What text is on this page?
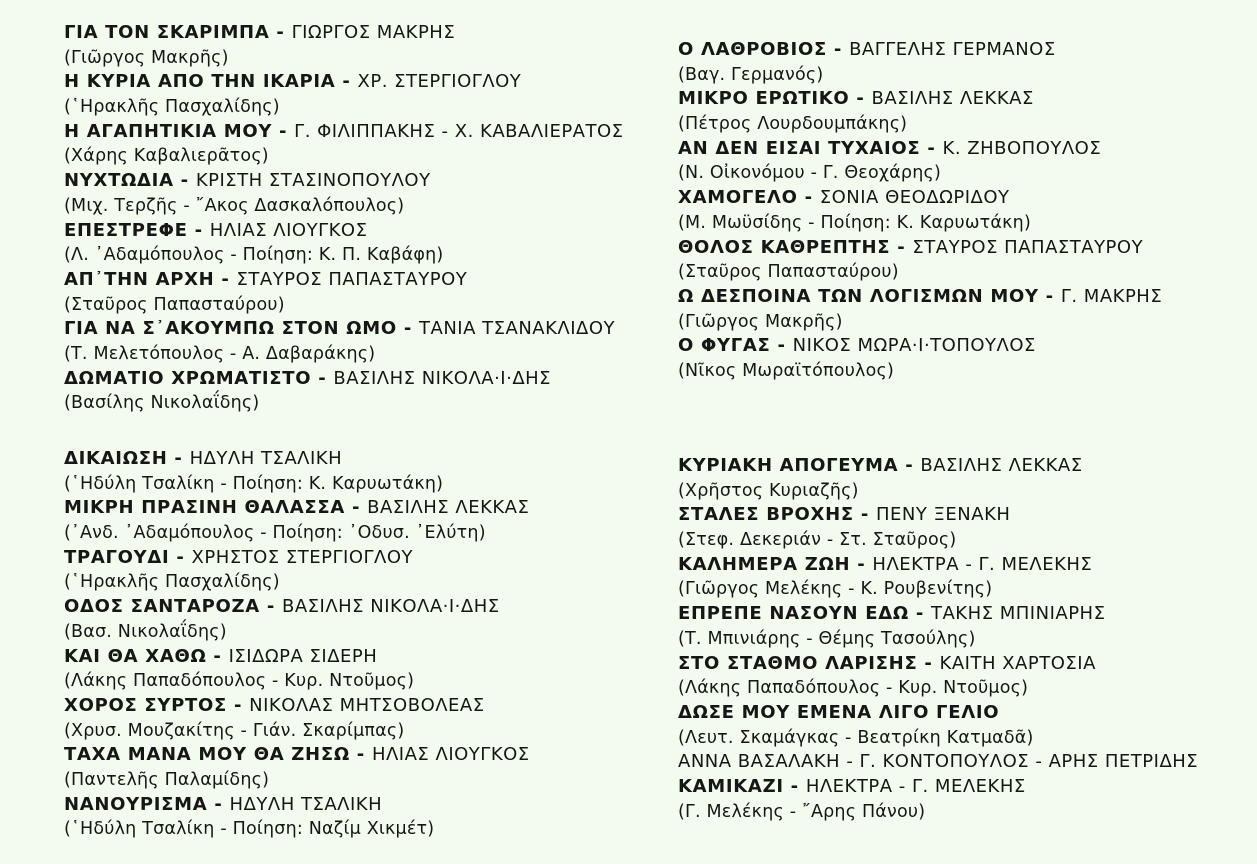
ΓΙΑ ΤΟΝ ΣΚΑΡΙΜΠΑ - ΓΙΩΡΓΟΣ ΜΑΚΡΗΣ
(Γιῶργος Μακρῆς)
Η ΚΥΡΙΑ ΑΠΟ ΤΗΝ ΙΚΑΡΙΑ - ΧΡ. ΣΤΕΡΓΙΟΓΛΟΥ
(῾Ηρακλῆς Πασχαλίδης)
Η ΑΓΑΠΗΤΙΚΙΑ ΜΟΥ - Γ. ΦΙΛΙΠΠΑΚΗΣ - Χ. ΚΑΒΑΛΙΕΡΑΤΟΣ
(Χάρης Καβαλιερᾶτος)
ΝΥΧΤΩΔΙΑ - ΚΡΙΣΤΗ ΣΤΑΣΙΝΟΠΟΥΛΟΥ
(Μιχ. Τερζῆς - ῎Ακος Δασκαλόπουλος)
ΕΠΕΣΤΡΕΦΕ - ΗΛΙΑΣ ΛΙΟΥΓΚΟΣ
(Λ. ᾽Αδαμόπουλος - Ποίηση: Κ. Π. Καβάφη)
ΑΠ᾽ΤΗΝ ΑΡΧΗ - ΣΤΑΥΡΟΣ ΠΑΠΑΣΤΑΥΡΟΥ
(Σταῦρος Παπασταύρου)
ΓΙΑ ΝΑ Σ᾽ΑΚΟΥΜΠΩ ΣΤΟΝ ΩΜΟ - ΤΑΝΙΑ ΤΣΑΝΑΚΛΙΔΟΥ
(Τ. Μελετόπουλος - Α. Δαβαράκης)
ΔΩΜΑΤΙΟ ΧΡΩΜΑΤΙΣΤΟ - ΒΑΣΙΛΗΣ ΝΙΚΟΛΑ·Ι·ΔΗΣ
(Βασίλης Νικολαΐδης)
Ο ΛΑΘΡΟΒΙΟΣ - ΒΑΓΓΕΛΗΣ ΓΕΡΜΑΝΟΣ
(Βαγ. Γερμανός)
ΜΙΚΡΟ ΕΡΩΤΙΚΟ - ΒΑΣΙΛΗΣ ΛΕΚΚΑΣ
(Πέτρος Λουρδουμπάκης)
ΑΝ ΔΕΝ ΕΙΣΑΙ ΤΥΧΑΙΟΣ - Κ. ΖΗΒΟΠΟΥΛΟΣ
(Ν. Οἰκονόμου - Γ. Θεοχάρης)
ΧΑΜΟΓΕΛΟ - ΣΟΝΙΑ ΘΕΟΔΩΡΙΔΟΥ
(Μ. Μωϋσίδης - Ποίηση: Κ. Καρυωτάκη)
ΘΟΛΟΣ ΚΑΘΡΕΠΤΗΣ - ΣΤΑΥΡΟΣ ΠΑΠΑΣΤΑΥΡΟΥ
(Σταῦρος Παπασταύρου)
Ω ΔΕΣΠΟΙΝΑ ΤΩΝ ΛΟΓΙΣΜΩΝ ΜΟΥ - Γ. ΜΑΚΡΗΣ
(Γιῶργος Μακρῆς)
Ο ΦΥΓΑΣ - ΝΙΚΟΣ ΜΩΡΑ·Ι·ΤΟΠΟΥΛΟΣ
(Νῖκος Μωραϊτόπουλος)
ΔΙΚΑΙΩΣΗ - ΗΔΥΛΗ ΤΣΑΛΙΚΗ
(῾Ηδύλη Τσαλίκη - Ποίηση: Κ. Καρυωτάκη)
ΜΙΚΡΗ ΠΡΑΣΙΝΗ ΘΑΛΑΣΣΑ - ΒΑΣΙΛΗΣ ΛΕΚΚΑΣ
(᾽Ανδ. ᾽Αδαμόπουλος - Ποίηση: ᾽Οδυσ. ᾽Ελύτη)
ΤΡΑΓΟΥΔΙ - ΧΡΗΣΤΟΣ ΣΤΕΡΓΙΟΓΛΟΥ
(῾Ηρακλῆς Πασχαλίδης)
ΟΔΟΣ ΣΑΝΤΑΡΟΖΑ - ΒΑΣΙΛΗΣ ΝΙΚΟΛΑ·Ι·ΔΗΣ
(Βασ. Νικολαΐδης)
ΚΑΙ ΘΑ ΧΑΘΩ - ΙΣΙΔΩΡΑ ΣΙΔΕΡΗ
(Λάκης Παπαδόπουλος - Κυρ. Ντοῦμος)
ΧΟΡΟΣ ΣΥΡΤΟΣ - ΝΙΚΟΛΑΣ ΜΗΤΣΟΒΟΛΕΑΣ
(Χρυσ. Μουζακίτης - Γιάν. Σκαρίμπας)
ΤΑΧΑ ΜΑΝΑ ΜΟΥ ΘΑ ΖΗΣΩ - ΗΛΙΑΣ ΛΙΟΥΓΚΟΣ
(Παντελῆς Παλαμίδης)
ΝΑΝΟΥΡΙΣΜΑ - ΗΔΥΛΗ ΤΣΑΛΙΚΗ
(῾Ηδύλη Τσαλίκη - Ποίηση: Ναζίμ Χικμέτ)
ΚΥΡΙΑΚΗ ΑΠΟΓΕΥΜΑ - ΒΑΣΙΛΗΣ ΛΕΚΚΑΣ
(Χρῆστος Κυριαζῆς)
ΣΤΑΛΕΣ ΒΡΟΧΗΣ - ΠΕΝΥ ΞΕΝΑΚΗ
(Στεφ. Δεκεριάν - Στ. Σταῦρος)
ΚΑΛΗΜΕΡΑ ΖΩΗ - ΗΛΕΚΤΡΑ - Γ. ΜΕΛΕΚΗΣ
(Γιῶργος Μελέκης - Κ. Ρουβενίτης)
ΕΠΡΕΠΕ ΝΑΣΟΥΝ ΕΔΩ - ΤΑΚΗΣ ΜΠΙΝΙΑΡΗΣ
(Τ. Μπινιάρης - Θέμης Τασούλης)
ΣΤΟ ΣΤΑΘΜΟ ΛΑΡΙΣΗΣ - ΚΑΙΤΗ ΧΑΡΤΟΣΙΑ
(Λάκης Παπαδόπουλος - Κυρ. Ντοῦμος)
ΔΩΣΕ ΜΟΥ ΕΜΕΝΑ ΛΙΓΟ ΓΕΛΙΟ
(Λευτ. Σκαμάγκας - Βεατρίκη Κατμαδᾶ)
ΑΝΝΑ ΒΑΣΑΛΑΚΗ - Γ. ΚΟΝΤΟΠΟΥΛΟΣ - ΑΡΗΣ ΠΕΤΡΙΔΗΣ
ΚΑΜΙΚΑΖΙ - ΗΛΕΚΤΡΑ - Γ. ΜΕΛΕΚΗΣ
(Γ. Μελέκης - ῎Αρης Πάνου)
